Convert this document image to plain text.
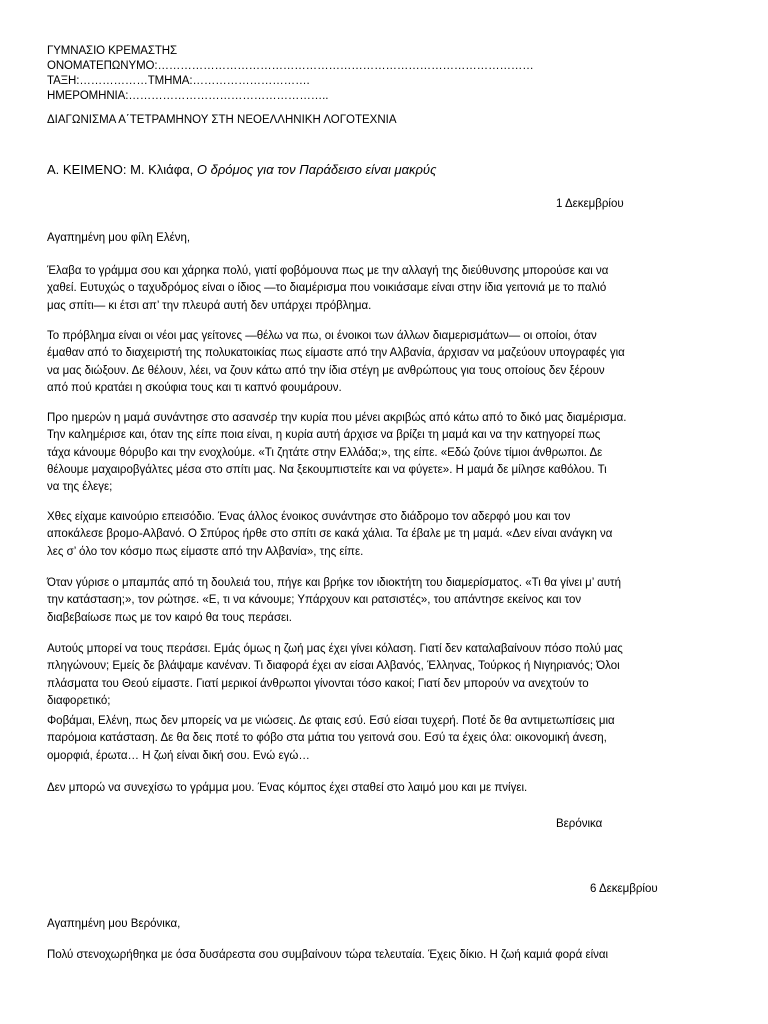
ΓΥΜΝΑΣΙΟ ΚΡΕΜΑΣΤΗΣ
ΟΝΟΜΑΤΕΠΩΝΥΜΟ:………………………………………………………………………………………
ΤΑΞΗ:………………ΤΜΗΜΑ:………………………….
ΗΜΕΡΟΜΗΝΙΑ:……………………………………………..
ΔΙΑΓΩΝΙΣΜΑ Α΄ΤΕΤΡΑΜΗΝΟΥ ΣΤΗ ΝΕΟΕΛΛΗΝΙΚΗ ΛΟΓΟΤΕΧΝΙΑ
Α. ΚΕΙΜΕΝΟ: Μ. Κλιάφα, Ο δρόμος για τον Παράδεισο είναι μακρύς
1 Δεκεμβρίου
Αγαπημένη μου φίλη Ελένη,
Έλαβα το γράμμα σου και χάρηκα πολύ, γιατί φοβόμουνα πως με την αλλαγή της διεύθυνσης μπορούσε και να
χαθεί. Ευτυχώς ο ταχυδρόμος είναι ο ίδιος —το διαμέρισμα που νοικιάσαμε είναι στην ίδια γειτονιά με το παλιό
μας σπίτι— κι έτσι απ’ την πλευρά αυτή δεν υπάρχει πρόβλημα.
Το πρόβλημα είναι οι νέοι μας γείτονες —θέλω να πω, οι ένοικοι των άλλων διαμερισμάτων— οι οποίοι, όταν
έμαθαν από το διαχειριστή της πολυκατοικίας πως είμαστε από την Αλβανία, άρχισαν να μαζεύουν υπογραφές για
να μας διώξουν. Δε θέλουν, λέει, να ζουν κάτω από την ίδια στέγη με ανθρώπους για τους οποίους δεν ξέρουν
από πού κρατάει η σκούφια τους και τι καπνό φουμάρουν.
Προ ημερών η μαμά συνάντησε στο ασανσέρ την κυρία που μένει ακριβώς από κάτω από το δικό μας διαμέρισμα.
Την καλημέρισε και, όταν της είπε ποια είναι, η κυρία αυτή άρχισε να βρίζει τη μαμά και να την κατηγορεί πως
τάχα κάνουμε θόρυβο και την ενοχλούμε. «Τι ζητάτε στην Ελλάδα;», της είπε. «Εδώ ζούνε τίμιοι άνθρωποι. Δε
θέλουμε μαχαιροβγάλτες μέσα στο σπίτι μας. Να ξεκουμπιστείτε και να φύγετε». Η μαμά δε μίλησε καθόλου. Τι
να της έλεγε;
Χθες είχαμε καινούριο επεισόδιο. Ένας άλλος ένοικος συνάντησε στο διάδρομο τον αδερφό μου και τον
αποκάλεσε βρομο-Αλβανό. Ο Σπύρος ήρθε στο σπίτι σε κακά χάλια. Τα έβαλε με τη μαμά. «Δεν είναι ανάγκη να
λες σ’ όλο τον κόσμο πως είμαστε από την Αλβανία», της είπε.
Όταν γύρισε ο μπαμπάς από τη δουλειά του, πήγε και βρήκε τον ιδιοκτήτη του διαμερίσματος. «Τι θα γίνει μ’ αυτή
την κατάσταση;», τον ρώτησε. «Ε, τι να κάνουμε; Υπάρχουν και ρατσιστές», του απάντησε εκείνος και τον
διαβεβαίωσε πως με τον καιρό θα τους περάσει.
Αυτούς μπορεί να τους περάσει. Εμάς όμως η ζωή μας έχει γίνει κόλαση. Γιατί δεν καταλαβαίνουν πόσο πολύ μας
πληγώνουν; Εμείς δε βλάψαμε κανέναν. Τι διαφορά έχει αν είσαι Αλβανός, Έλληνας, Τούρκος ή Νιγηριανός; Όλοι
πλάσματα του Θεού είμαστε. Γιατί μερικοί άνθρωποι γίνονται τόσο κακοί; Γιατί δεν μπορούν να ανεχτούν το
διαφορετικό;
Φοβάμαι, Ελένη, πως δεν μπορείς να με νιώσεις. Δε φταις εσύ. Εσύ είσαι τυχερή. Ποτέ δε θα αντιμετωπίσεις μια
παρόμοια κατάσταση. Δε θα δεις ποτέ το φόβο στα μάτια του γειτονά σου. Εσύ τα έχεις όλα: οικονομική άνεση,
ομορφιά, έρωτα… Η ζωή είναι δική σου. Ενώ εγώ…
Δεν μπορώ να συνεχίσω το γράμμα μου. Ένας κόμπος έχει σταθεί στο λαιμό μου και με πνίγει.
Βερόνικα
6 Δεκεμβρίου
Αγαπημένη μου Βερόνικα,
Πολύ στενοχωρήθηκα με όσα δυσάρεστα σου συμβαίνουν τώρα τελευταία. Έχεις δίκιο. Η ζωή καμιά φορά είναι
